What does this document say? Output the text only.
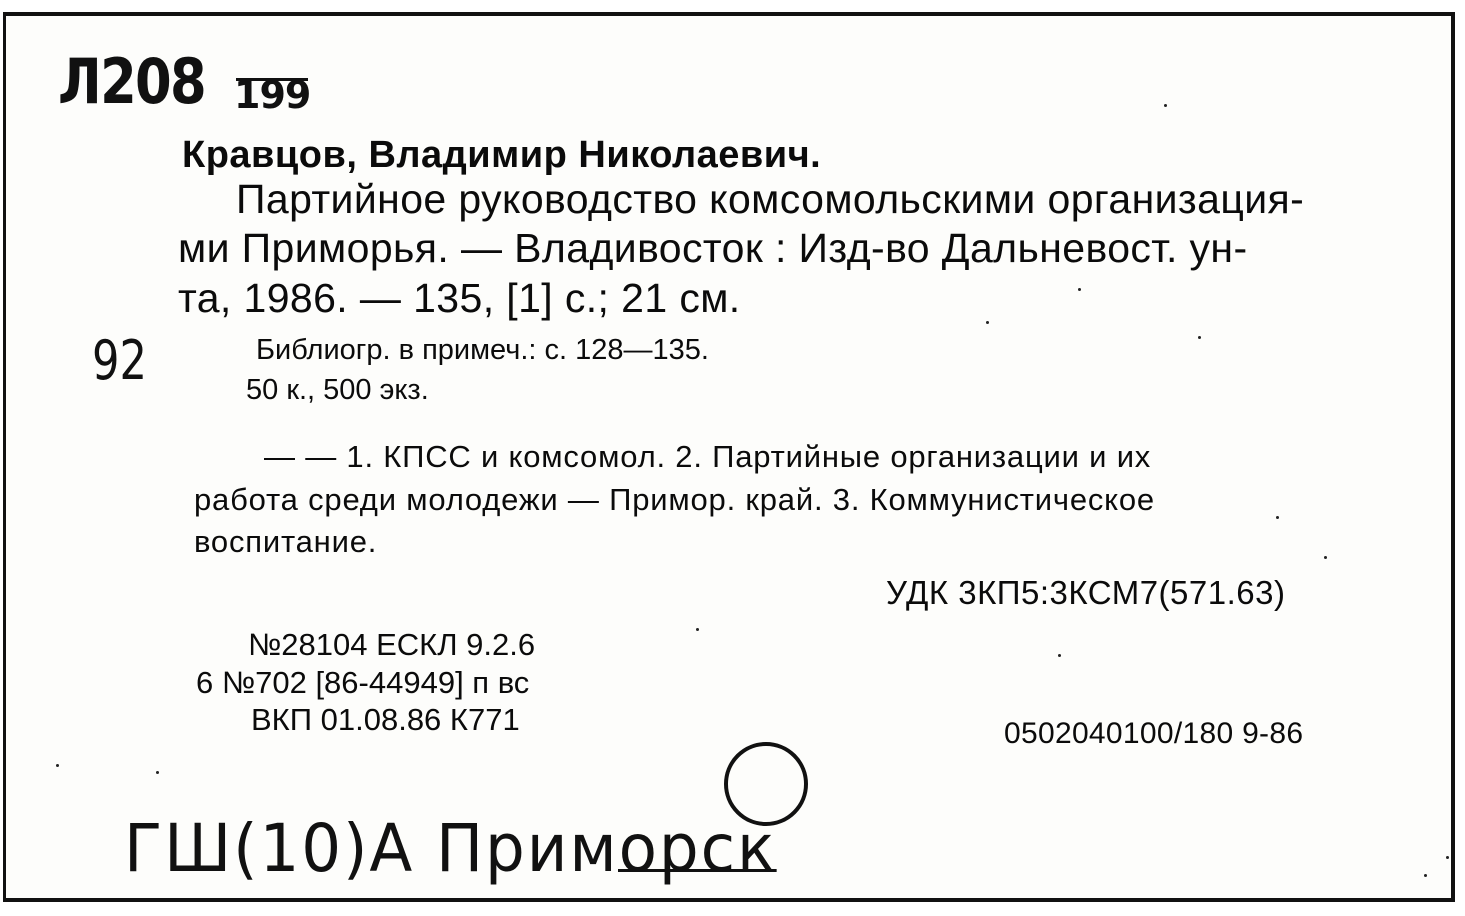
Л208 199
Кравцов, Владимир Николаевич.
Партийное руководство комсомольскими организация-
ми Приморья. — Владивосток : Изд-во Дальневост. ун-
та, 1986. — 135, [1] с.; 21 см.
92	Библиогр. в примеч.: с. 128—135.
50 к., 500 экз.
— — 1. КПСС и комсомол. 2. Партийные организации и их
работа среди молодежи — Примор. край. 3. Коммунистическое
воспитание.
УДК 3КП5:3КСМ7(571.63)
№28104 ЕСКЛ 9.2.6
6 №702 [86-44949] п вс
ВКП 01.08.86 К771	0502040100/180 9-86
ГШ(10)А Приморск
